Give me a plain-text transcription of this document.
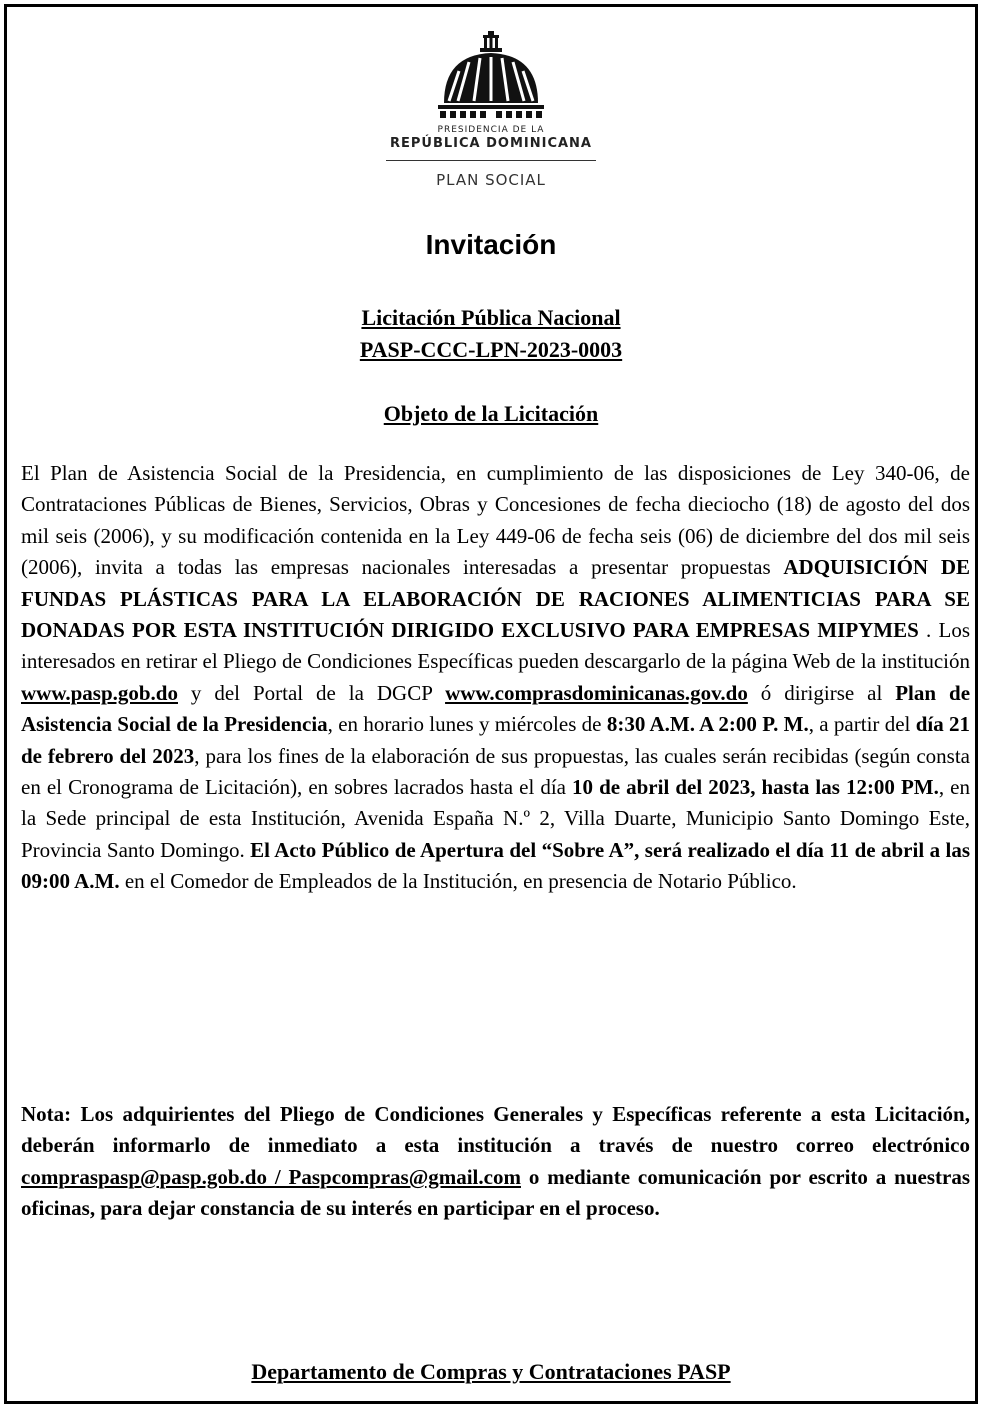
PRESIDENCIA DE LA
REPÚBLICA DOMINICANA
PLAN SOCIAL
Invitación
Licitación Pública Nacional
PASP-CCC-LPN-2023-0003
Objeto de la Licitación
El Plan de Asistencia Social de la Presidencia, en cumplimiento de las disposiciones de Ley 340-06, de Contrataciones Públicas de Bienes, Servicios, Obras y Concesiones de fecha dieciocho (18) de agosto del dos mil seis (2006), y su modificación contenida en la Ley 449-06 de fecha seis (06) de diciembre del dos mil seis (2006), invita a todas las empresas nacionales interesadas a presentar propuestas ADQUISICIÓN DE FUNDAS PLÁSTICAS PARA LA ELABORACIÓN DE RACIONES ALIMENTICIAS PARA SE DONADAS POR ESTA INSTITUCIÓN DIRIGIDO EXCLUSIVO PARA EMPRESAS MIPYMES . Los interesados en retirar el Pliego de Condiciones Específicas pueden descargarlo de la página Web de la institución www.pasp.gob.do y del Portal de la DGCP www.comprasdominicanas.gov.do ó dirigirse al Plan de Asistencia Social de la Presidencia, en horario lunes y miércoles de 8:30 A.M. A 2:00 P. M., a partir del día 21 de febrero del 2023, para los fines de la elaboración de sus propuestas, las cuales serán recibidas (según consta en el Cronograma de Licitación), en sobres lacrados hasta el día 10 de abril del 2023, hasta las 12:00 PM., en la Sede principal de esta Institución, Avenida España N.º 2, Villa Duarte, Municipio Santo Domingo Este, Provincia Santo Domingo. El Acto Público de Apertura del “Sobre A”, será realizado el día 11 de abril a las 09:00 A.M. en el Comedor de Empleados de la Institución, en presencia de Notario Público.
Nota: Los adquirientes del Pliego de Condiciones Generales y Específicas referente a esta Licitación, deberán informarlo de inmediato a esta institución a través de nuestro correo electrónico compraspasp@pasp.gob.do / Paspcompras@gmail.com o mediante comunicación por escrito a nuestras oficinas, para dejar constancia de su interés en participar en el proceso.
Departamento de Compras y Contrataciones PASP
